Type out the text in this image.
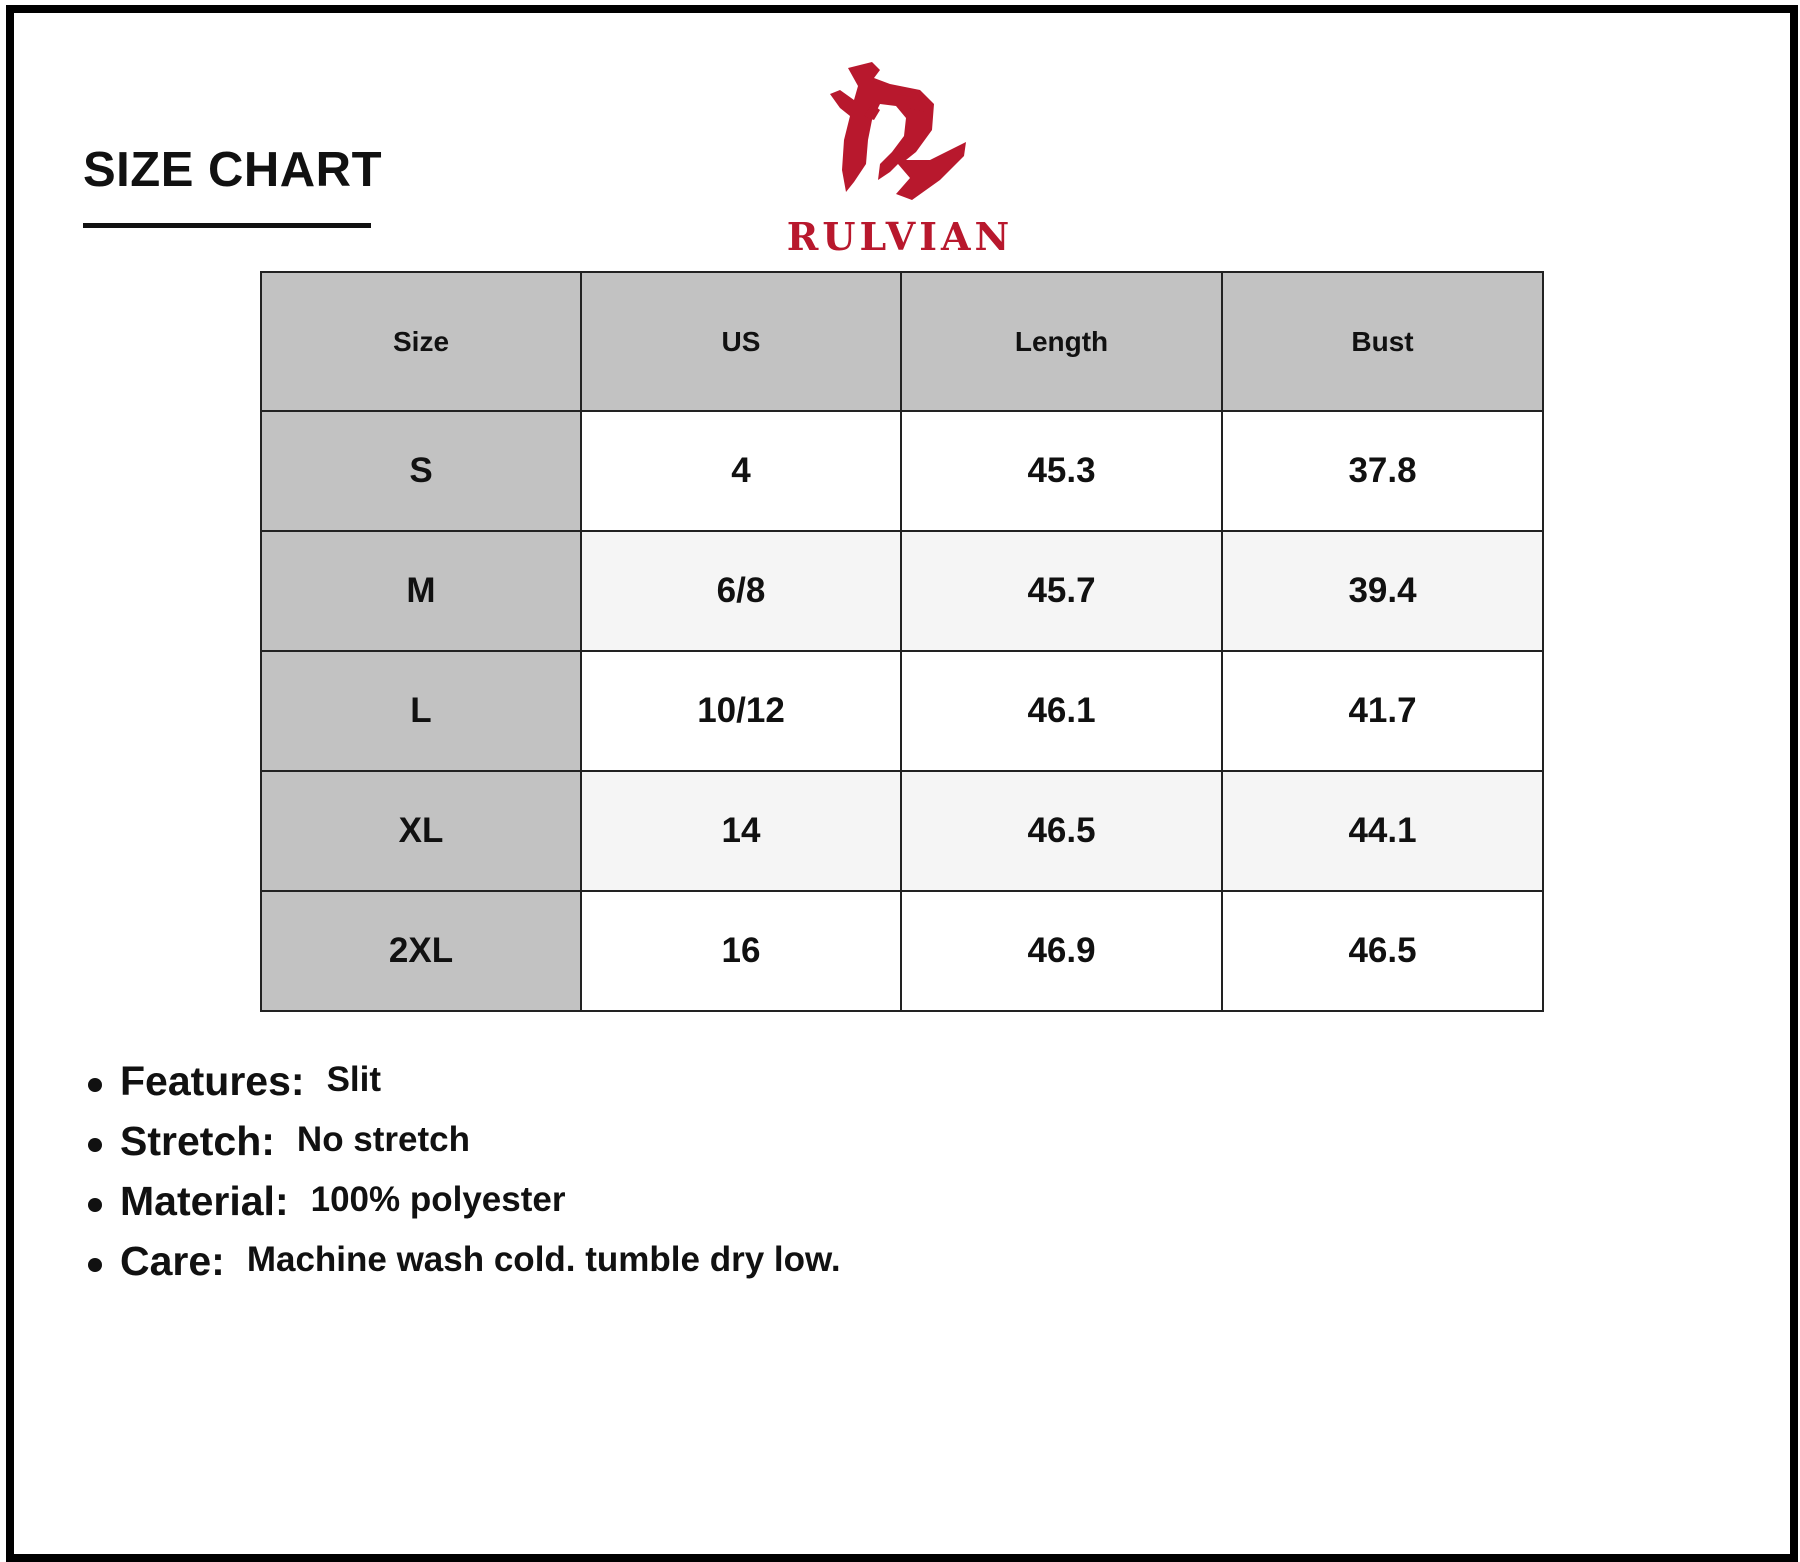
SIZE CHART
RULVIAN
Size	US	Length	Bust
S	4	45.3	37.8
M	6/8	45.7	39.4
L	10/12	46.1	41.7
XL	14	46.5	44.1
2XL	16	46.9	46.5
Features: Slit
Stretch: No stretch
Material: 100% polyester
Care: Machine wash cold. tumble dry low.
